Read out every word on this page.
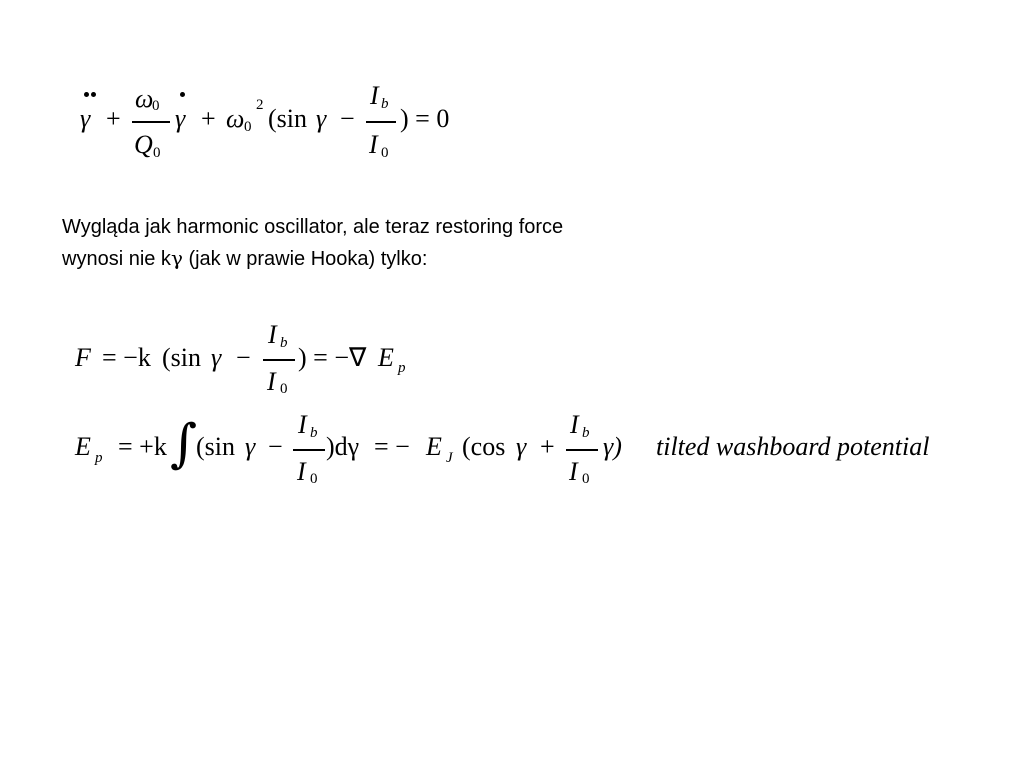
γ +
ω
0
Q 0
γ + ω 0
2 (sin γ −
I b
I 0
) = 0
Wygląda jak harmonic oscillator, ale teraz restoring force
wynosi nie kγ (jak w prawie Hooka) tylko:
F = −k (sin γ −
I b
I 0
) = −∇ E p
E p = +k ∫
(sin γ −
I b
I 0
)dγ = − E J (cos γ +
I b
I 0
γ) tilted washboard potential
